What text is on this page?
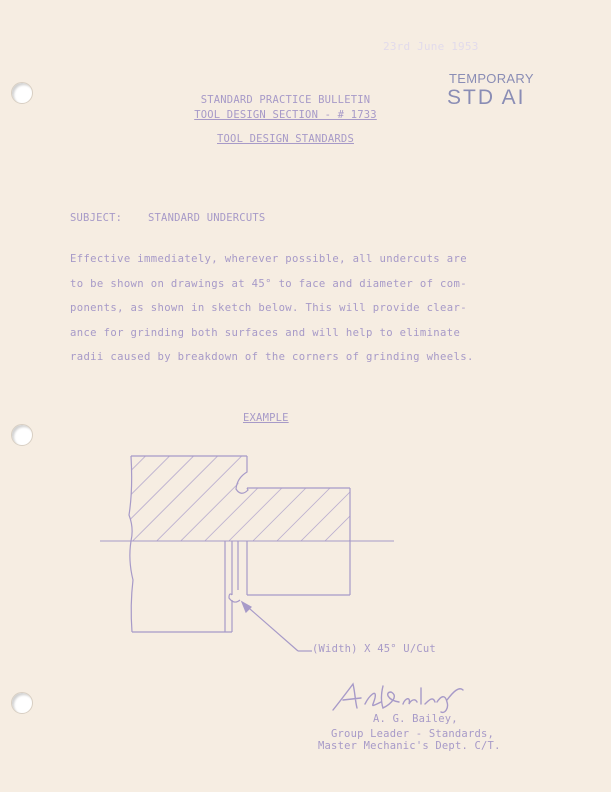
23rd June 1953
TEMPORARY
STD AI
STANDARD PRACTICE BULLETIN
TOOL DESIGN SECTION - # 1733
TOOL DESIGN STANDARDS
SUBJECT: STANDARD UNDERCUTS
Effective immediately, wherever possible, all undercuts are
to be shown on drawings at 45° to face and diameter of com-
ponents, as shown in sketch below. This will provide clear-
ance for grinding both surfaces and will help to eliminate
radii caused by breakdown of the corners of grinding wheels.
EXAMPLE
(Width) X 45° U/Cut
A. G. Bailey,
Group Leader - Standards,
Master Mechanic's Dept. C/T.
